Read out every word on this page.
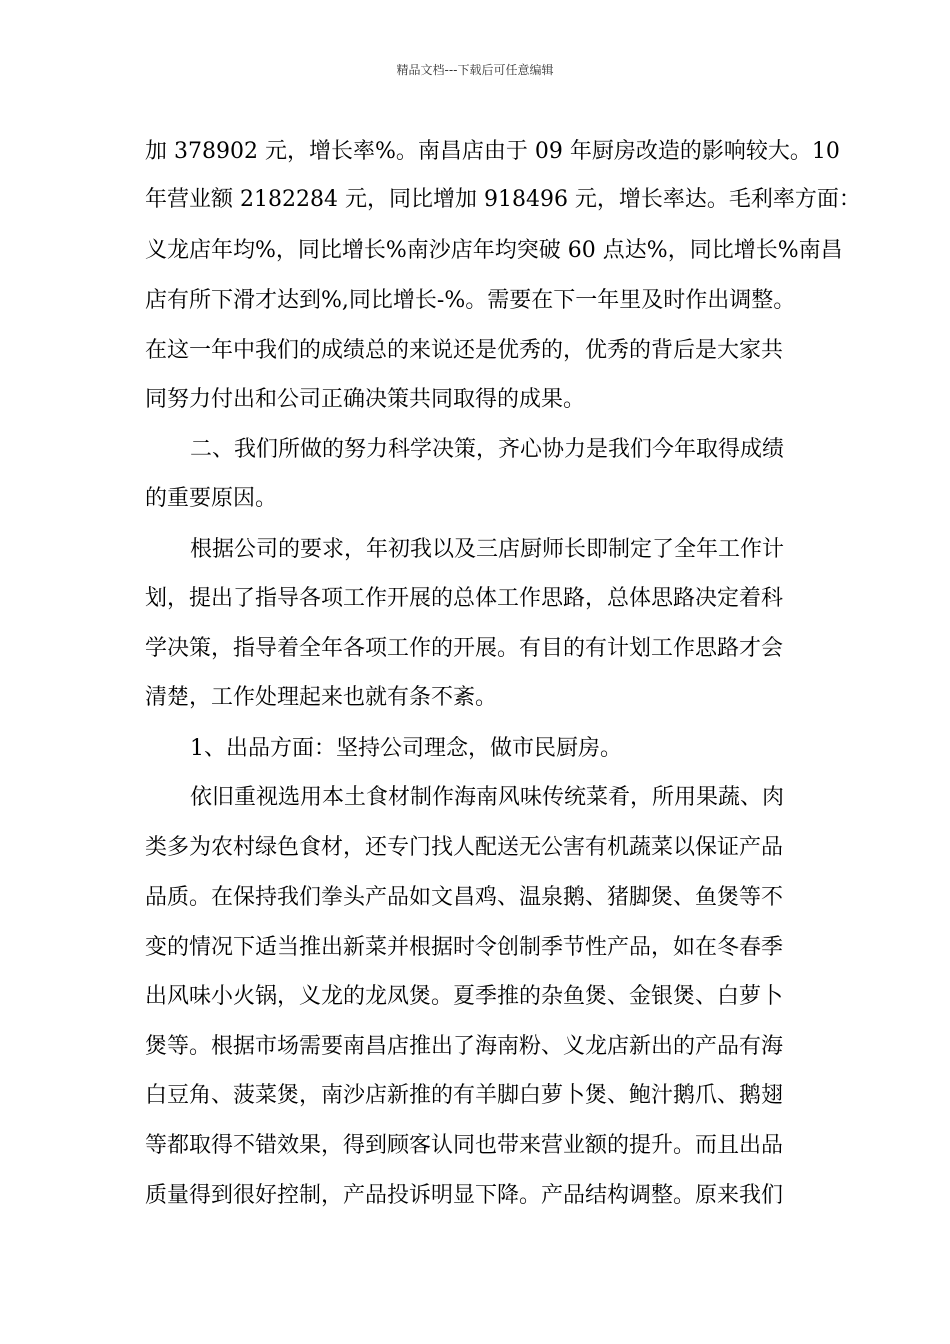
精品文档---下载后可任意编辑
加 378902 元，增长率%。南昌店由于 09 年厨房改造的影响较大。10
年营业额 2182284 元，同比增加 918496 元，增长率达。毛利率方面：
义龙店年均%，同比增长%南沙店年均突破 60 点达%，同比增长%南昌
店有所下滑才达到%,同比增长-%。需要在下一年里及时作出调整。
在这一年中我们的成绩总的来说还是优秀的，优秀的背后是大家共
同努力付出和公司正确决策共同取得的成果。
二、我们所做的努力科学决策，齐心协力是我们今年取得成绩
的重要原因。
根据公司的要求，年初我以及三店厨师长即制定了全年工作计
划，提出了指导各项工作开展的总体工作思路，总体思路决定着科
学决策，指导着全年各项工作的开展。有目的有计划工作思路才会
清楚，工作处理起来也就有条不紊。
1、出品方面：坚持公司理念，做市民厨房。
依旧重视选用本土食材制作海南风味传统菜肴，所用果蔬、肉
类多为农村绿色食材，还专门找人配送无公害有机蔬菜以保证产品
品质。在保持我们拳头产品如文昌鸡、温泉鹅、猪脚煲、鱼煲等不
变的情况下适当推出新菜并根据时令创制季节性产品，如在冬春季
出风味小火锅，义龙的龙凤煲。夏季推的杂鱼煲、金银煲、白萝卜
煲等。根据市场需要南昌店推出了海南粉、义龙店新出的产品有海
白豆角、菠菜煲，南沙店新推的有羊脚白萝卜煲、鲍汁鹅爪、鹅翅
等都取得不错效果，得到顾客认同也带来营业额的提升。而且出品
质量得到很好控制，产品投诉明显下降。产品结构调整。原来我们
